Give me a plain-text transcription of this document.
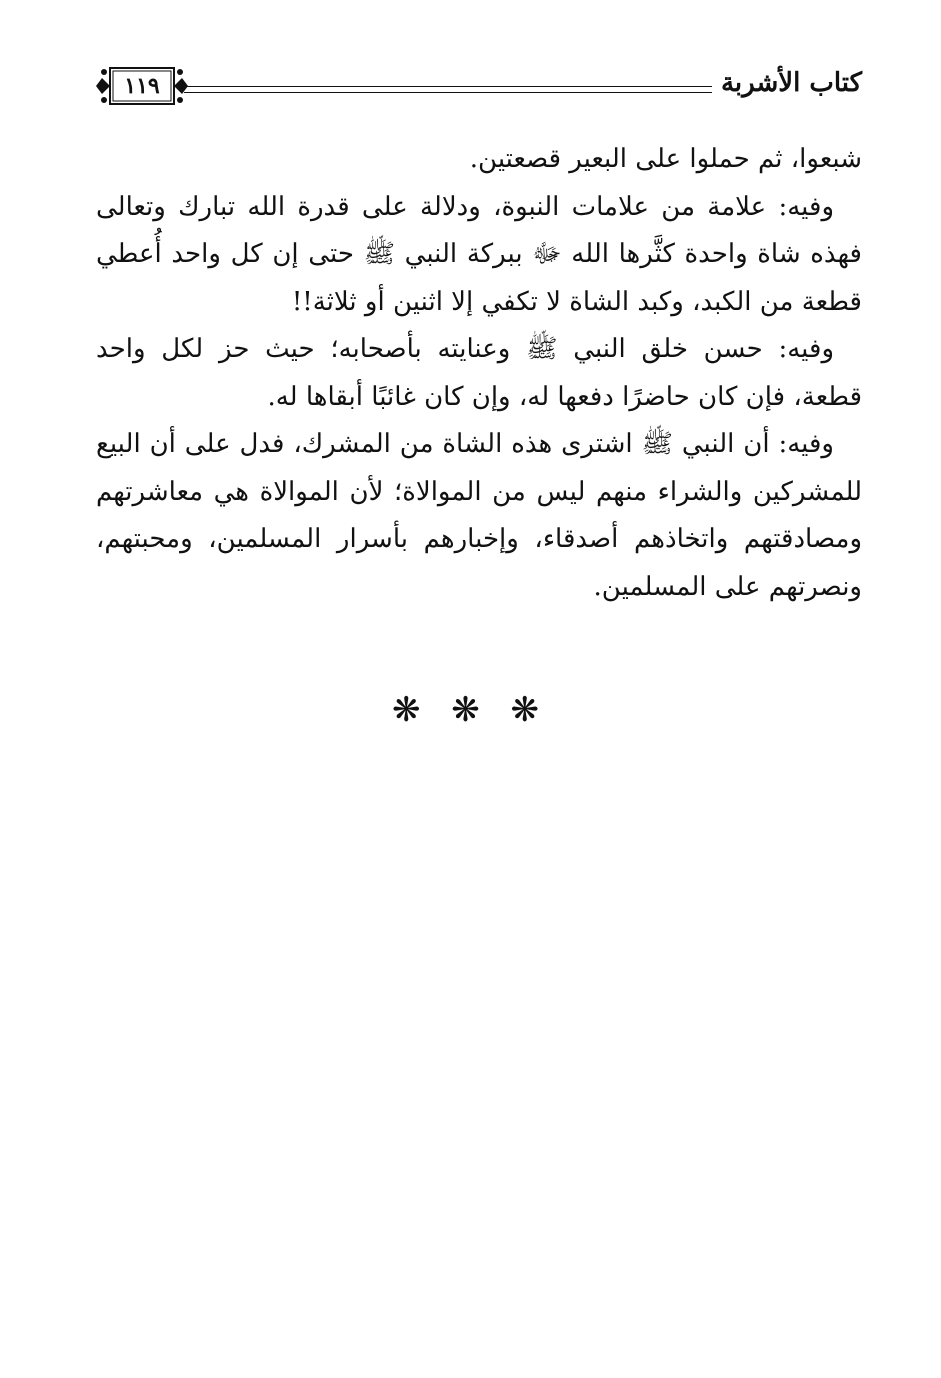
كتاب الأشربة
١١٩

شبعوا، ثم حملوا على البعير قصعتين.

وفيه: علامة من علامات النبوة، ودلالة على قدرة الله تبارك وتعالى فهذه شاة واحدة كثَّرها الله ﷻ ببركة النبي ﷺ حتى إن كل واحد أُعطي قطعة من الكبد، وكبد الشاة لا تكفي إلا اثنين أو ثلاثة!!

وفيه: حسن خلق النبي ﷺ وعنايته بأصحابه؛ حيث حز لكل واحد قطعة، فإن كان حاضرًا دفعها له، وإن كان غائبًا أبقاها له.

وفيه: أن النبي ﷺ اشترى هذه الشاة من المشرك، فدل على أن البيع للمشركين والشراء منهم ليس من الموالاة؛ لأن الموالاة هي معاشرتهم ومصادقتهم واتخاذهم أصدقاء، وإخبارهم بأسرار المسلمين، ومحبتهم، ونصرتهم على المسلمين.

❋ ❋ ❋
